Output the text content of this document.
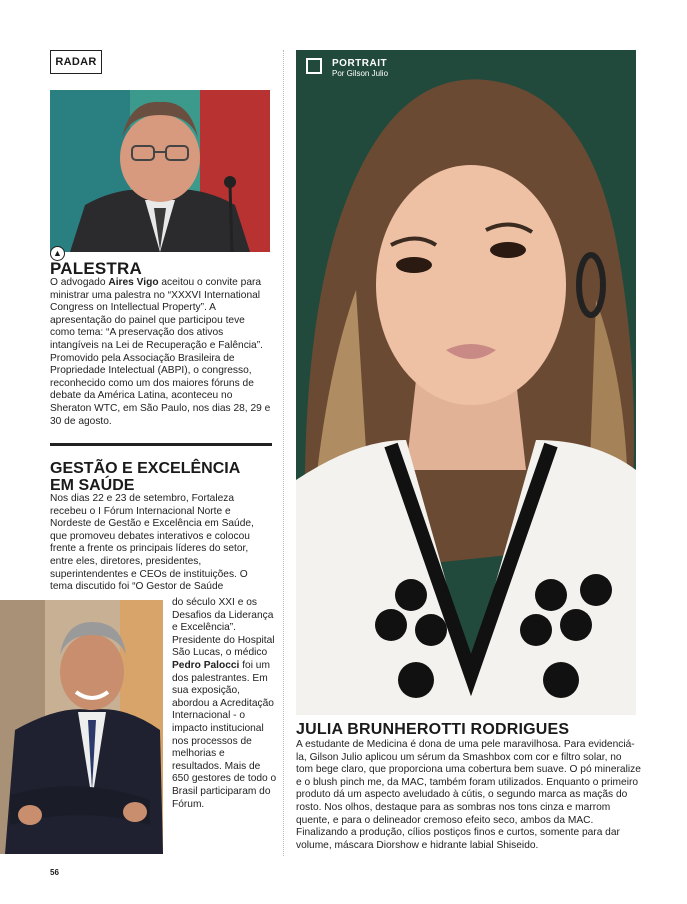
RADAR
▲
PALESTRA
O advogado Aires Vigo aceitou o convite para ministrar uma palestra no “XXXVI International Congress on Intellectual Property”. A apresentação do painel que participou teve como tema: “A preservação dos ativos intangíveis na Lei de Recuperação e Falência”. Promovido pela Associação Brasileira de Propriedade Intelectual (ABPI), o congresso, reconhecido como um dos maiores fóruns de debate da América Latina, aconteceu no Sheraton WTC, em São Paulo, nos dias 28, 29 e 30 de agosto.
GESTÃO E EXCELÊNCIA EM SAÚDE
Nos dias 22 e 23 de setembro, Fortaleza recebeu o I Fórum Internacional Norte e Nordeste de Gestão e Excelência em Saúde, que promoveu debates interativos e colocou frente a frente os principais líderes do setor, entre eles, diretores, presidentes, superintendentes e CEOs de instituições. O tema discutido foi “O Gestor de Saúde
do século XXI e os Desafios da Liderança e Excelência”. Presidente do Hospital São Lucas, o médico Pedro Palocci foi um dos palestrantes. Em sua exposição, abordou a Acreditação Internacional - o impacto institucional nos processos de melhorias e resultados. Mais de 650 gestores de todo o Brasil participaram do Fórum.
PORTRAIT
Por Gilson Julio
JULIA BRUNHEROTTI RODRIGUES
A estudante de Medicina é dona de uma pele maravilhosa. Para evidenciá-la, Gilson Julio aplicou um sérum da Smashbox com cor e filtro solar, no tom bege claro, que proporciona uma cobertura bem suave. O pó mineralize e o blush pinch me, da MAC, também foram utilizados. Enquanto o primeiro produto dá um aspecto aveludado à cútis, o segundo marca as maçãs do rosto. Nos olhos, destaque para as sombras nos tons cinza e marrom quente, e para o delineador cremoso efeito seco, ambos da MAC. Finalizando a produção, cílios postiços finos e curtos, somente para dar volume, máscara Diorshow e hidrante labial Shiseido.
56
